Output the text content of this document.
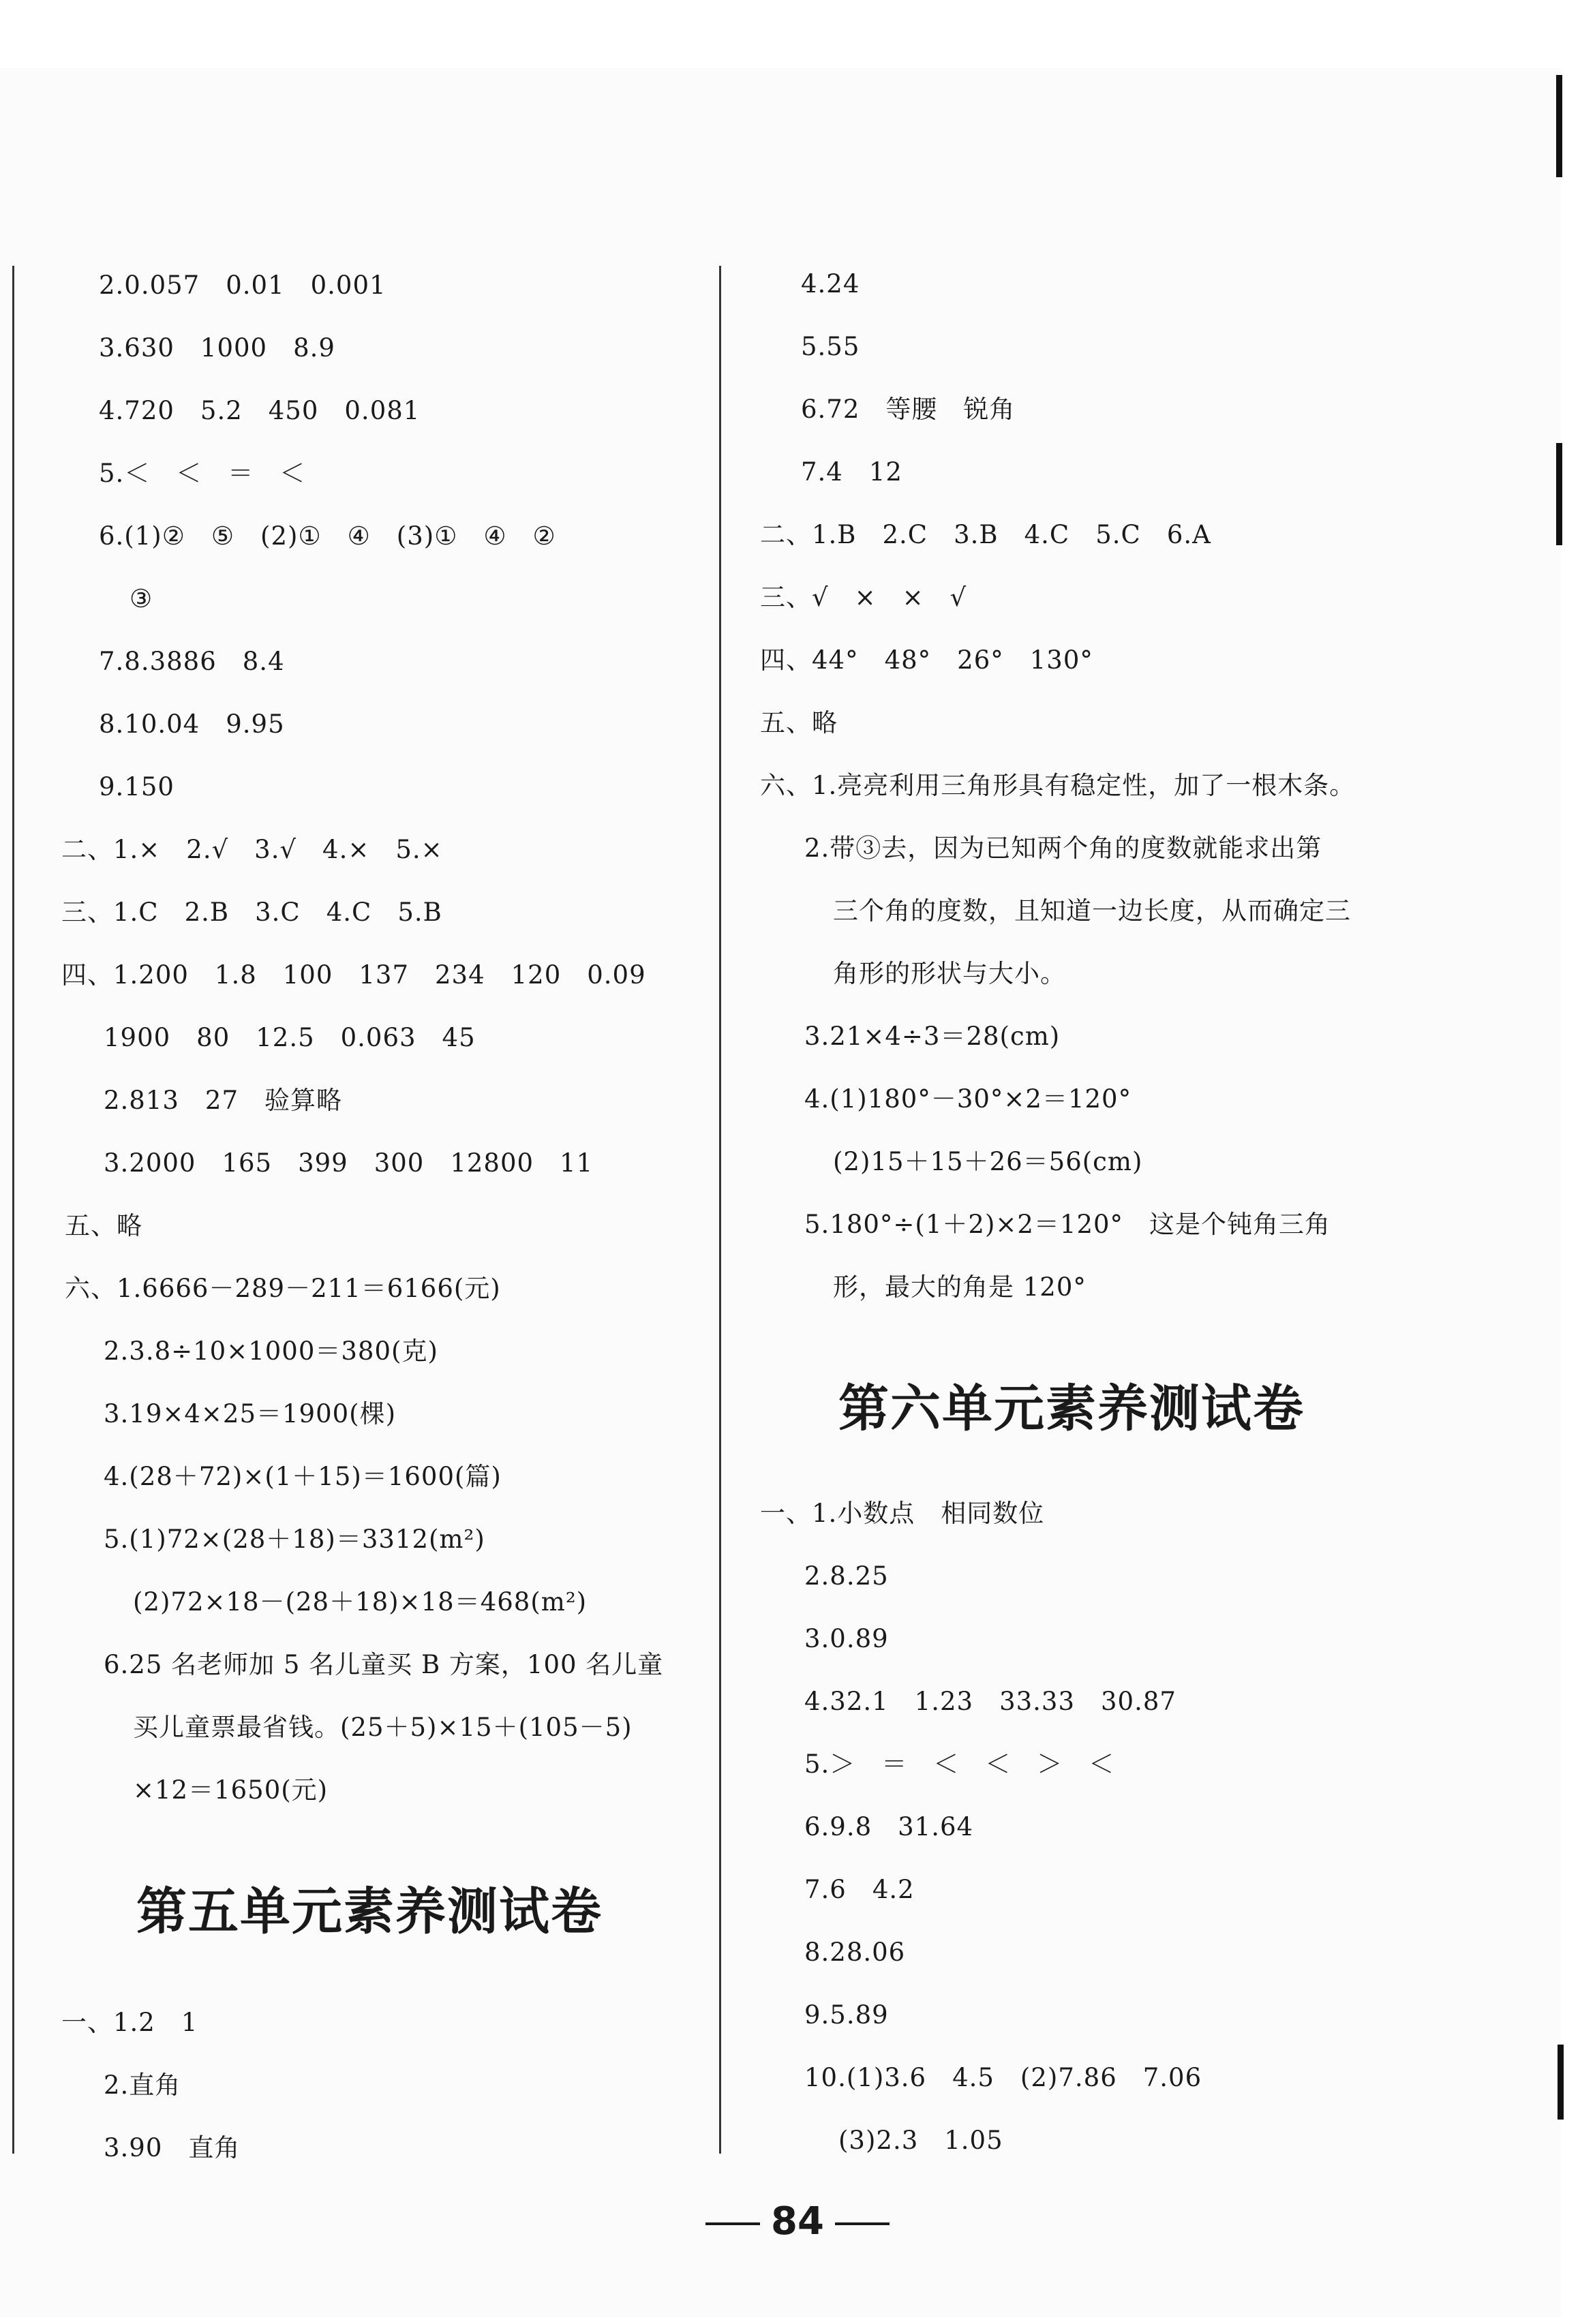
2.0.057　0.01　0.001
3.630　1000　8.9
4.720　5.2　450　0.081
5.＜　＜　＝　＜
6.(1)②　⑤　(2)①　④　(3)①　④　②
③
7.8.3886　8.4
8.10.04　9.95
9.150
二、1.×　2.√　3.√　4.×　5.×
三、1.C　2.B　3.C　4.C　5.B
四、1.200　1.8　100　137　234　120　0.09
1900　80　12.5　0.063　45
2.813　27　验算略
3.2000　165　399　300　12800　11
五、略
六、1.6666－289－211＝6166(元)
2.3.8÷10×1000＝380(克)
3.19×4×25＝1900(棵)
4.(28＋72)×(1＋15)＝1600(篇)
5.(1)72×(28＋18)＝3312(m²)
(2)72×18－(28＋18)×18＝468(m²)
6.25 名老师加 5 名儿童买 B 方案，100 名儿童
买儿童票最省钱。(25＋5)×15＋(105－5)
×12＝1650(元)
第五单元素养测试卷
一、1.2　1
2.直角
3.90　直角
4.24
5.55
6.72　等腰　锐角
7.4　12
二、1.B　2.C　3.B　4.C　5.C　6.A
三、√　×　×　√
四、44°　48°　26°　130°
五、略
六、1.亮亮利用三角形具有稳定性，加了一根木条。
2.带③去，因为已知两个角的度数就能求出第
三个角的度数，且知道一边长度，从而确定三
角形的形状与大小。
3.21×4÷3＝28(cm)
4.(1)180°－30°×2＝120°
(2)15＋15＋26＝56(cm)
5.180°÷(1＋2)×2＝120°　这是个钝角三角
形，最大的角是 120°
第六单元素养测试卷
一、1.小数点　相同数位
2.8.25
3.0.89
4.32.1　1.23　33.33　30.87
5.＞　＝　＜　＜　＞　＜
6.9.8　31.64
7.6　4.2
8.28.06
9.5.89
10.(1)3.6　4.5　(2)7.86　7.06
(3)2.3　1.05
84
